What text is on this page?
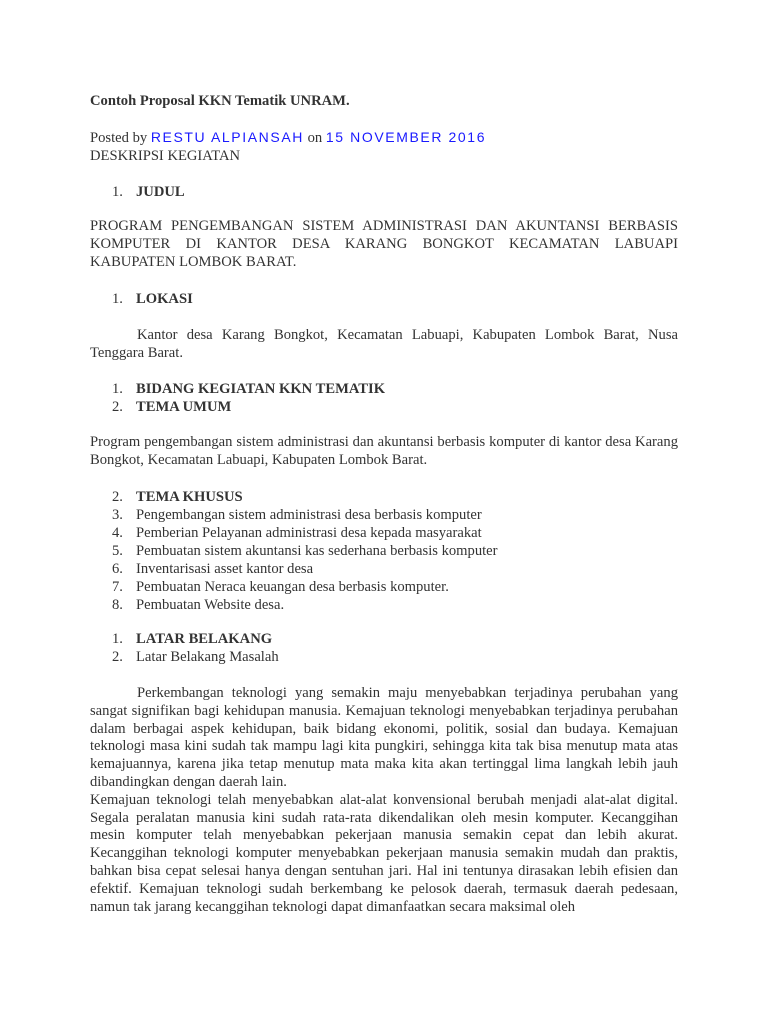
Contoh Proposal KKN Tematik UNRAM.

Posted by RESTU ALPIANSAH on 15 NOVEMBER 2016

DESKRIPSI KEGIATAN

1. JUDUL

PROGRAM PENGEMBANGAN SISTEM ADMINISTRASI DAN AKUNTANSI BERBASIS KOMPUTER DI KANTOR DESA KARANG BONGKOT KECAMATAN LABUAPI KABUPATEN LOMBOK BARAT.

1. LOKASI

Kantor desa Karang Bongkot, Kecamatan Labuapi, Kabupaten Lombok Barat, Nusa Tenggara Barat.

1. BIDANG KEGIATAN KKN TEMATIK
2. TEMA UMUM

Program pengembangan sistem administrasi dan akuntansi berbasis komputer di kantor desa Karang Bongkot, Kecamatan Labuapi, Kabupaten Lombok Barat.

2. TEMA KHUSUS
3. Pengembangan sistem administrasi desa berbasis komputer
4. Pemberian Pelayanan administrasi desa kepada masyarakat
5. Pembuatan sistem akuntansi kas sederhana berbasis komputer
6. Inventarisasi asset kantor desa
7. Pembuatan Neraca keuangan desa berbasis komputer.
8. Pembuatan Website desa.
1. LATAR BELAKANG
2. Latar Belakang Masalah

Perkembangan teknologi yang semakin maju menyebabkan terjadinya perubahan yang sangat signifikan bagi kehidupan manusia. Kemajuan teknologi menyebabkan terjadinya perubahan dalam berbagai aspek kehidupan, baik bidang ekonomi, politik, sosial dan budaya. Kemajuan teknologi masa kini sudah tak mampu lagi kita pungkiri, sehingga kita tak bisa menutup mata atas kemajuannya, karena jika tetap menutup mata maka kita akan tertinggal lima langkah lebih jauh dibandingkan dengan daerah lain.

Kemajuan teknologi telah menyebabkan alat-alat konvensional berubah menjadi alat-alat digital. Segala peralatan manusia kini sudah rata-rata dikendalikan oleh mesin komputer. Kecanggihan mesin komputer telah menyebabkan pekerjaan manusia semakin cepat dan lebih akurat. Kecanggihan teknologi komputer menyebabkan pekerjaan manusia semakin mudah dan praktis, bahkan bisa cepat selesai hanya dengan sentuhan jari. Hal ini tentunya dirasakan lebih efisien dan efektif. Kemajuan teknologi sudah berkembang ke pelosok daerah, termasuk daerah pedesaan, namun tak jarang kecanggihan teknologi dapat dimanfaatkan secara maksimal oleh
